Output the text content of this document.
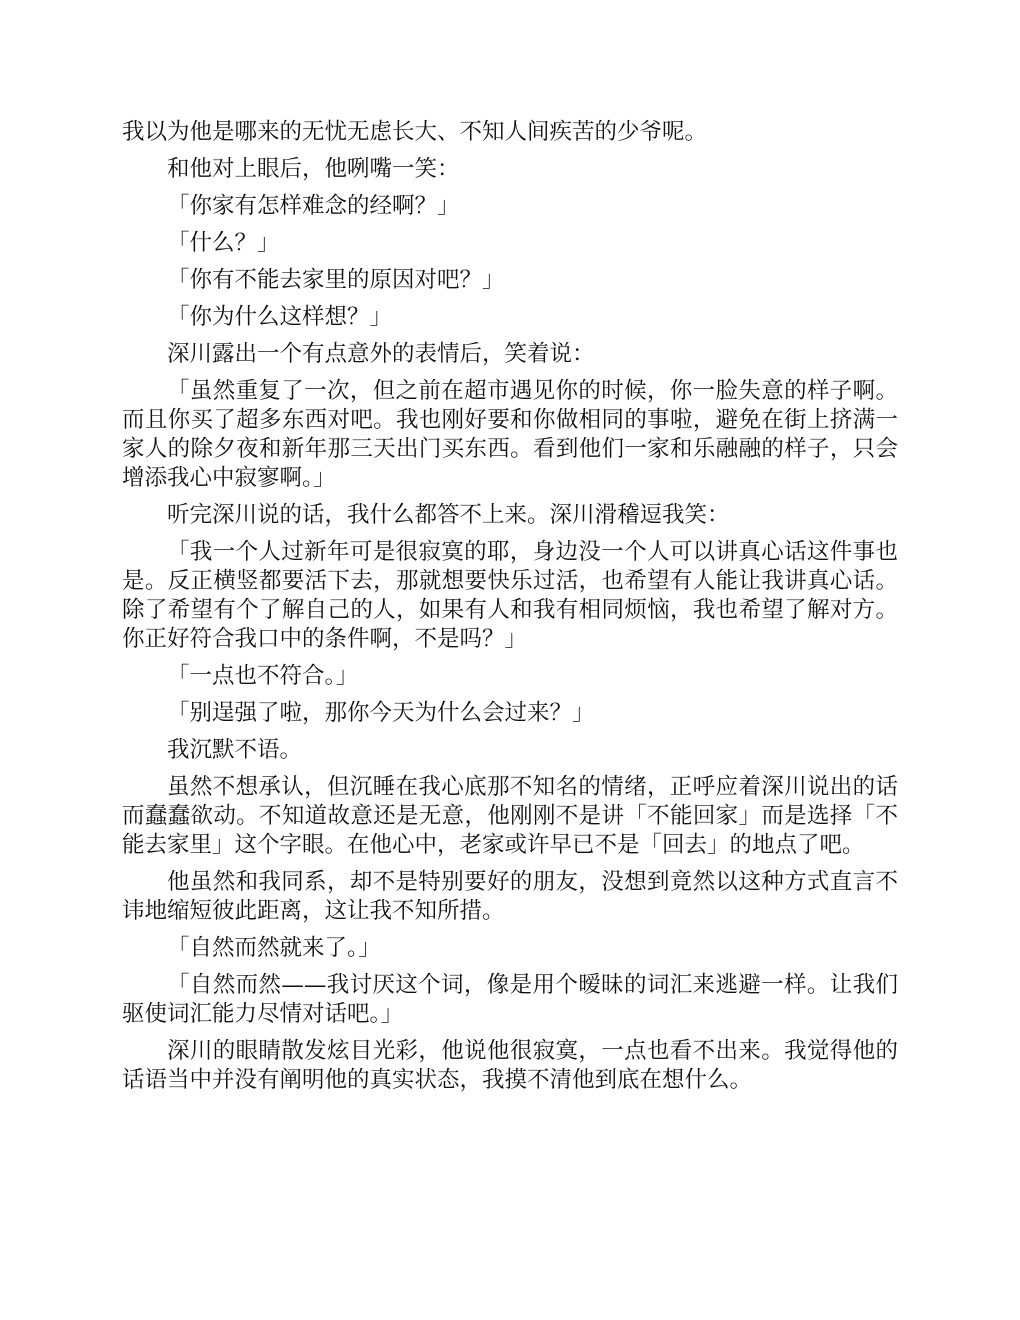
我以为他是哪来的无忧无虑长大、不知人间疾苦的少爷呢。

和他对上眼后，他咧嘴一笑：

「你家有怎样难念的经啊？」

「什么？」

「你有不能去家里的原因对吧？」

「你为什么这样想？」

深川露出一个有点意外的表情后，笑着说：

「虽然重复了一次，但之前在超市遇见你的时候，你一脸失意的样子啊。而且你买了超多东西对吧。我也刚好要和你做相同的事啦，避免在街上挤满一家人的除夕夜和新年那三天出门买东西。看到他们一家和乐融融的样子，只会增添我心中寂寥啊。」

听完深川说的话，我什么都答不上来。深川滑稽逗我笑：

「我一个人过新年可是很寂寞的耶，身边没一个人可以讲真心话这件事也是。反正横竖都要活下去，那就想要快乐过活，也希望有人能让我讲真心话。除了希望有个了解自己的人，如果有人和我有相同烦恼，我也希望了解对方。你正好符合我口中的条件啊，不是吗？」

「一点也不符合。」

「别逞强了啦，那你今天为什么会过来？」

我沉默不语。

虽然不想承认，但沉睡在我心底那不知名的情绪，正呼应着深川说出的话而蠢蠢欲动。不知道故意还是无意，他刚刚不是讲「不能回家」而是选择「不能去家里」这个字眼。在他心中，老家或许早已不是「回去」的地点了吧。

他虽然和我同系，却不是特别要好的朋友，没想到竟然以这种方式直言不讳地缩短彼此距离，这让我不知所措。

「自然而然就来了。」

「自然而然——我讨厌这个词，像是用个暧昧的词汇来逃避一样。让我们驱使词汇能力尽情对话吧。」

深川的眼睛散发炫目光彩，他说他很寂寞，一点也看不出来。我觉得他的话语当中并没有阐明他的真实状态，我摸不清他到底在想什么。
